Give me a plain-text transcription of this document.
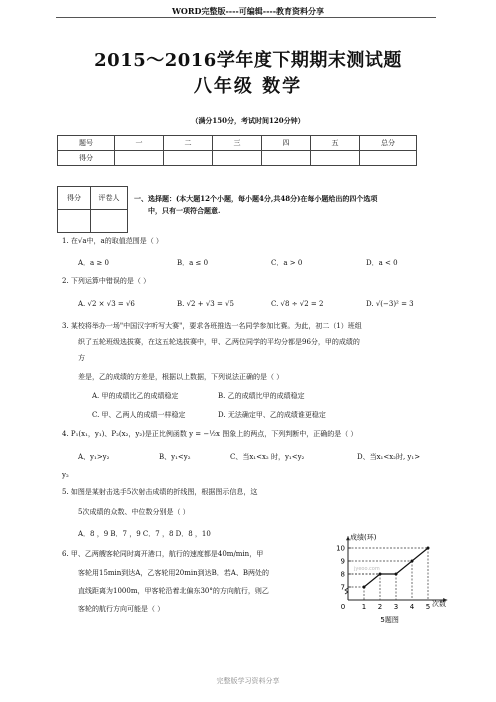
WORD完整版----可编辑----教育资料分享
2015～2016学年度下期期末测试题
八年级 数学
（满分150分，考试时间120分钟）
题号	一	二	三	四	五	总分
得分						
得分	评卷人
	一、选择题：(本大题12个小题，每小题4分,共48分)在每小题给出的四个选项
中，只有一项符合题意.
1. 在√a中，a的取值范围是（ ）
A．a ≥ 0	B．a ≤ 0	C．a > 0	D．a < 0
2. 下列运算中错误的是（ ）
A. √2 × √3 = √6	B. √2 + √3 = √5	C. √8 ÷ √2 = 2	D. √(−3)² = 3
3. 某校将举办一场"中国汉字听写大赛"，要求各班推选一名同学参加比赛。为此，初二（1）班组
织了五轮班级选拔赛，在这五轮选拔赛中，甲、乙两位同学的平均分都是96分，甲的成绩的
方
差是，乙的成绩的方差是，根据以上数据，下列说法正确的是（ ）
A. 甲的成绩比乙的成绩稳定	B. 乙的成绩比甲的成绩稳定
C. 甲、乙两人的成绩一样稳定	D. 无法确定甲、乙的成绩谁更稳定
4. P₁(x₁，y₁)、P₂(x₂，y₂)是正比例函数 y = −½x 图象上的两点，下列判断中，正确的是（ ）
A、y₁>y₂	B、y₁<y₂	C、当x₁<x₂ 时，y₁<y₂	D、当x₁<x₂时, y₁>
y₂
5. 如图是某射击选手5次射击成绩的折线图，根据图示信息，这
5次成绩的众数、中位数分别是（ ）
A．8 ，9 B．7 ，9 C．7 ，8 D．8 ，10
6. 甲、乙两艘客轮同时离开港口，航行的速度都是40m/min，甲
客轮用15min到达A，乙客轮用20min到达B．若A、B两处的
直线距离为1000m，甲客轮沿着北偏东30°的方向航行，则乙
客轮的航行方向可能是（ ）
成绩(环)
次数
7
8
9
10
0 1 2 3 4 5
jyeoo.com
5题图
完整版学习资料分享
